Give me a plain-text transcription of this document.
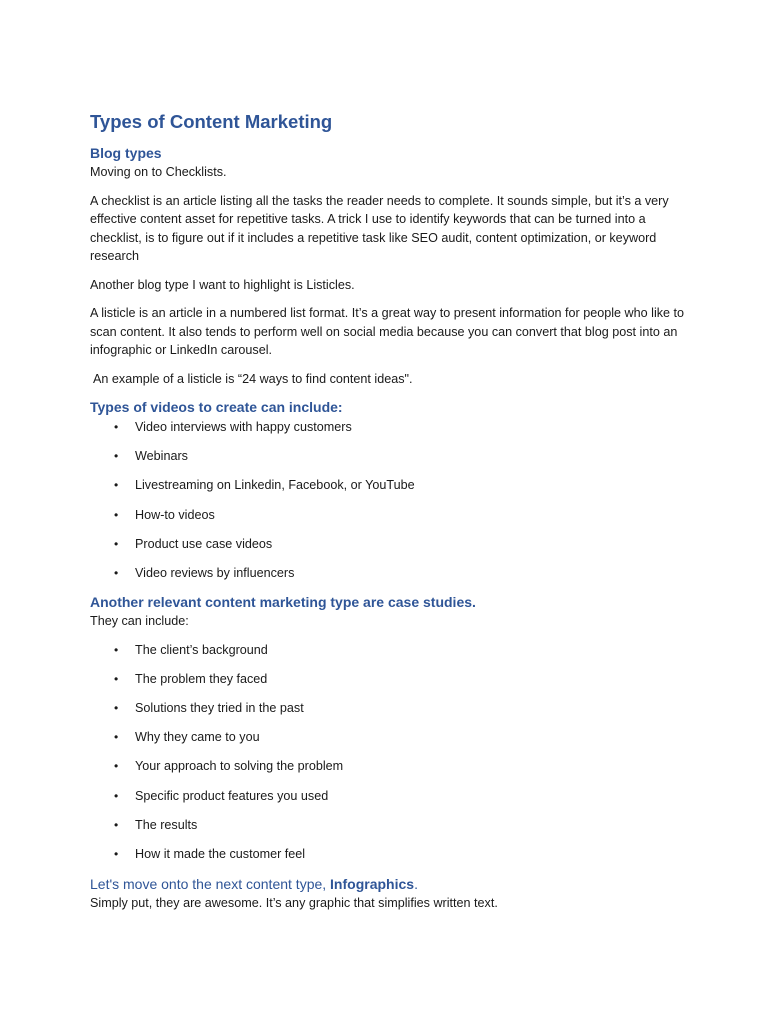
Types of Content Marketing
Blog types

Moving on to Checklists.

A checklist is an article listing all the tasks the reader needs to complete. It sounds simple, but it’s a very effective content asset for repetitive tasks. A trick I use to identify keywords that can be turned into a checklist, is to figure out if it includes a repetitive task like SEO audit, content optimization, or keyword research

Another blog type I want to highlight is Listicles.

A listicle is an article in a numbered list format. It’s a great way to present information for people who like to scan content. It also tends to perform well on social media because you can convert that blog post into an infographic or LinkedIn carousel.

An example of a listicle is “24 ways to find content ideas".

Types of videos to create can include:
• Video interviews with happy customers
• Webinars
• Livestreaming on Linkedin, Facebook, or YouTube
• How-to videos
• Product use case videos
• Video reviews by influencers
Another relevant content marketing type are case studies.

They can include:

• The client’s background
• The problem they faced
• Solutions they tried in the past
• Why they came to you
• Your approach to solving the problem
• Specific product features you used
• The results
• How it made the customer feel
Let's move onto the next content type, Infographics.

Simply put, they are awesome. It’s any graphic that simplifies written text.
